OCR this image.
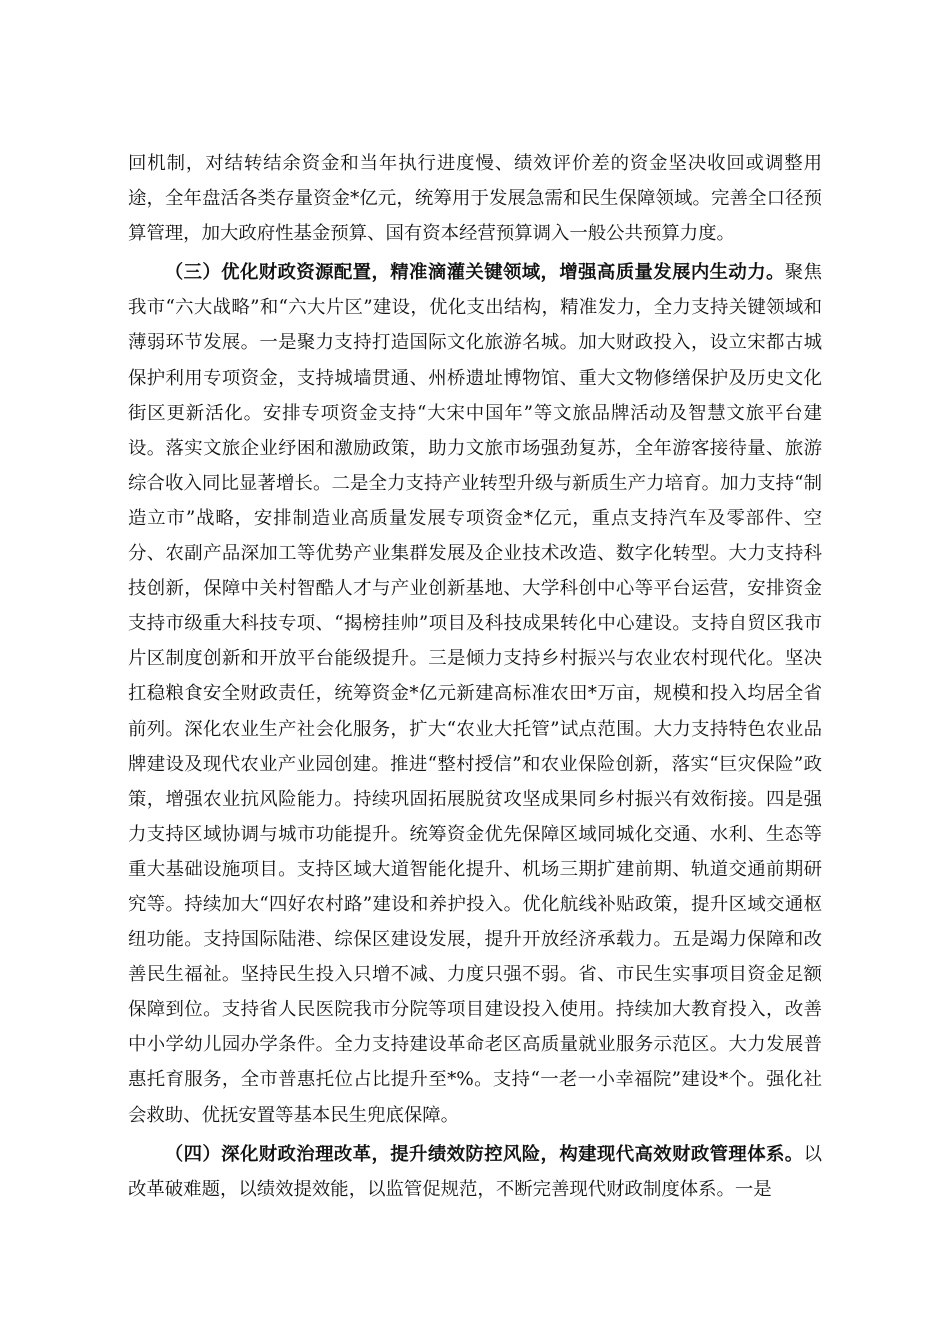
回机制，对结转结余资金和当年执行进度慢、绩效评价差的资金坚决收回或调整用途，全年盘活各类存量资金*亿元，统筹用于发展急需和民生保障领域。完善全口径预算管理，加大政府性基金预算、国有资本经营预算调入一般公共预算力度。

（三）优化财政资源配置，精准滴灌关键领域，增强高质量发展内生动力。聚焦我市“六大战略”和“六大片区”建设，优化支出结构，精准发力，全力支持关键领域和薄弱环节发展。一是聚力支持打造国际文化旅游名城。加大财政投入，设立宋都古城保护利用专项资金，支持城墙贯通、州桥遗址博物馆、重大文物修缮保护及历史文化街区更新活化。安排专项资金支持“大宋中国年”等文旅品牌活动及智慧文旅平台建设。落实文旅企业纾困和激励政策，助力文旅市场强劲复苏，全年游客接待量、旅游综合收入同比显著增长。二是全力支持产业转型升级与新质生产力培育。加力支持“制造立市”战略，安排制造业高质量发展专项资金*亿元，重点支持汽车及零部件、空分、农副产品深加工等优势产业集群发展及企业技术改造、数字化转型。大力支持科技创新，保障中关村智酷人才与产业创新基地、大学科创中心等平台运营，安排资金支持市级重大科技专项、“揭榜挂帅”项目及科技成果转化中心建设。支持自贸区我市片区制度创新和开放平台能级提升。三是倾力支持乡村振兴与农业农村现代化。坚决扛稳粮食安全财政责任，统筹资金*亿元新建高标准农田*万亩，规模和投入均居全省前列。深化农业生产社会化服务，扩大“农业大托管”试点范围。大力支持特色农业品牌建设及现代农业产业园创建。推进“整村授信”和农业保险创新，落实“巨灾保险”政策，增强农业抗风险能力。持续巩固拓展脱贫攻坚成果同乡村振兴有效衔接。四是强力支持区域协调与城市功能提升。统筹资金优先保障区域同城化交通、水利、生态等重大基础设施项目。支持区域大道智能化提升、机场三期扩建前期、轨道交通前期研究等。持续加大“四好农村路”建设和养护投入。优化航线补贴政策，提升区域交通枢纽功能。支持国际陆港、综保区建设发展，提升开放经济承载力。五是竭力保障和改善民生福祉。坚持民生投入只增不减、力度只强不弱。省、市民生实事项目资金足额保障到位。支持省人民医院我市分院等项目建设投入使用。持续加大教育投入，改善中小学幼儿园办学条件。全力支持建设革命老区高质量就业服务示范区。大力发展普惠托育服务，全市普惠托位占比提升至*%。支持“一老一小幸福院”建设*个。强化社会救助、优抚安置等基本民生兜底保障。

（四）深化财政治理改革，提升绩效防控风险，构建现代高效财政管理体系。以改革破难题，以绩效提效能，以监管促规范，不断完善现代财政制度体系。一是
